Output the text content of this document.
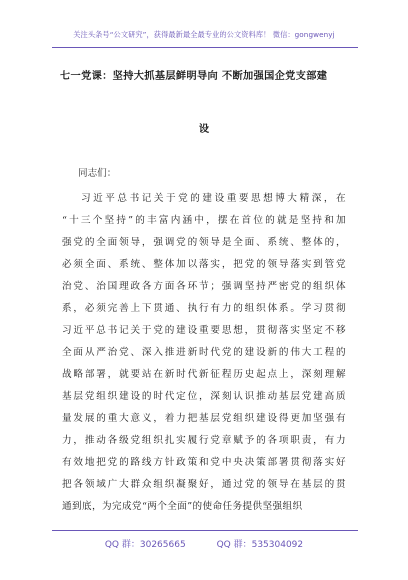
关注头条号“公文研究”，获得最新最全最专业的公文资料库！ 微信：gongwenyj
七一党课：坚持大抓基层鲜明导向 不断加强国企党支部建
设
同志们：
习近平总书记关于党的建设重要思想博大精深，在
“十三个坚持”的丰富内涵中，摆在首位的就是坚持和加
强党的全面领导，强调党的领导是全面、系统、整体的，
必须全面、系统、整体加以落实，把党的领导落实到管党
治党、治国理政各方面各环节；强调坚持严密党的组织体
系，必须完善上下贯通、执行有力的组织体系。学习贯彻
习近平总书记关于党的建设重要思想，贯彻落实坚定不移
全面从严治党、深入推进新时代党的建设新的伟大工程的
战略部署，就要站在新时代新征程历史起点上，深刻理解
基层党组织建设的时代定位，深刻认识推动基层党建高质
量发展的重大意义，着力把基层党组织建设得更加坚强有
力，推动各级党组织扎实履行党章赋予的各项职责，有力
有效地把党的路线方针政策和党中央决策部署贯彻落实好
把各领域广大群众组织凝聚好，通过党的领导在基层的贯
通到底，为完成党“两个全面”的使命任务提供坚强组织
QQ 群：30265665	QQ 群：535304092
